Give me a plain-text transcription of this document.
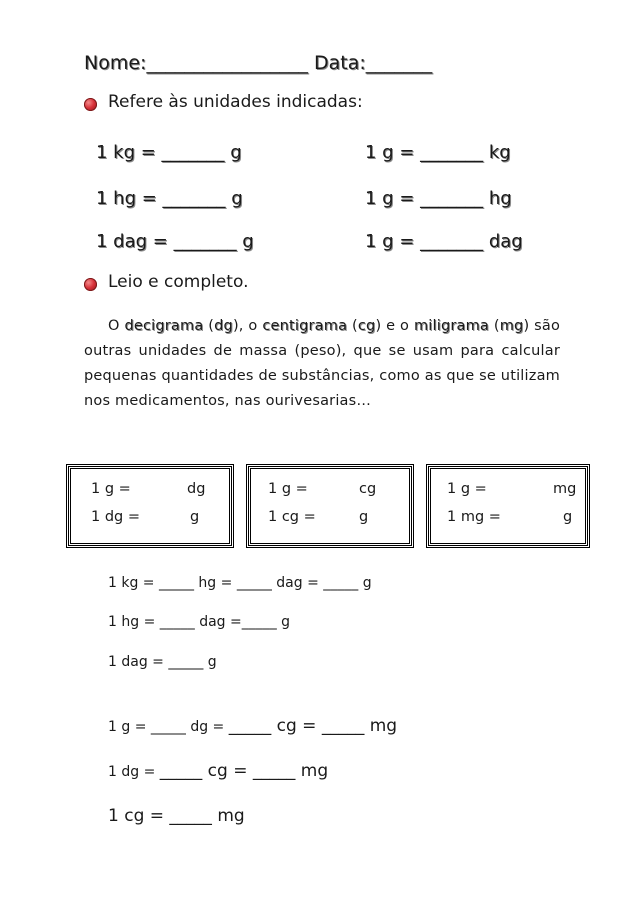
Nome:_________________ Data:_______
Refere às unidades indicadas:
1 kg = _______ g	1 g = _______ kg
1 hg = _______ g	1 g = _______ hg
1 dag = _______ g	1 g = _______ dag
Leio e completo.
O decigrama (dg), o centigrama (cg) e o miligrama (mg) são outras unidades de massa (peso), que se usam para calcular pequenas quantidades de substâncias, como as que se utilizam nos medicamentos, nas ourivesarias…
1 g =	dg
1 dg =	g
1 g =	cg
1 cg =	g
1 g =	mg
1 mg =	g
1 kg = _____ hg = _____ dag = _____ g
1 hg = _____ dag =_____ g
1 dag = _____ g
1 g = _____ dg = _____ cg = _____ mg
1 dg = _____ cg = _____ mg
1 cg = _____ mg
